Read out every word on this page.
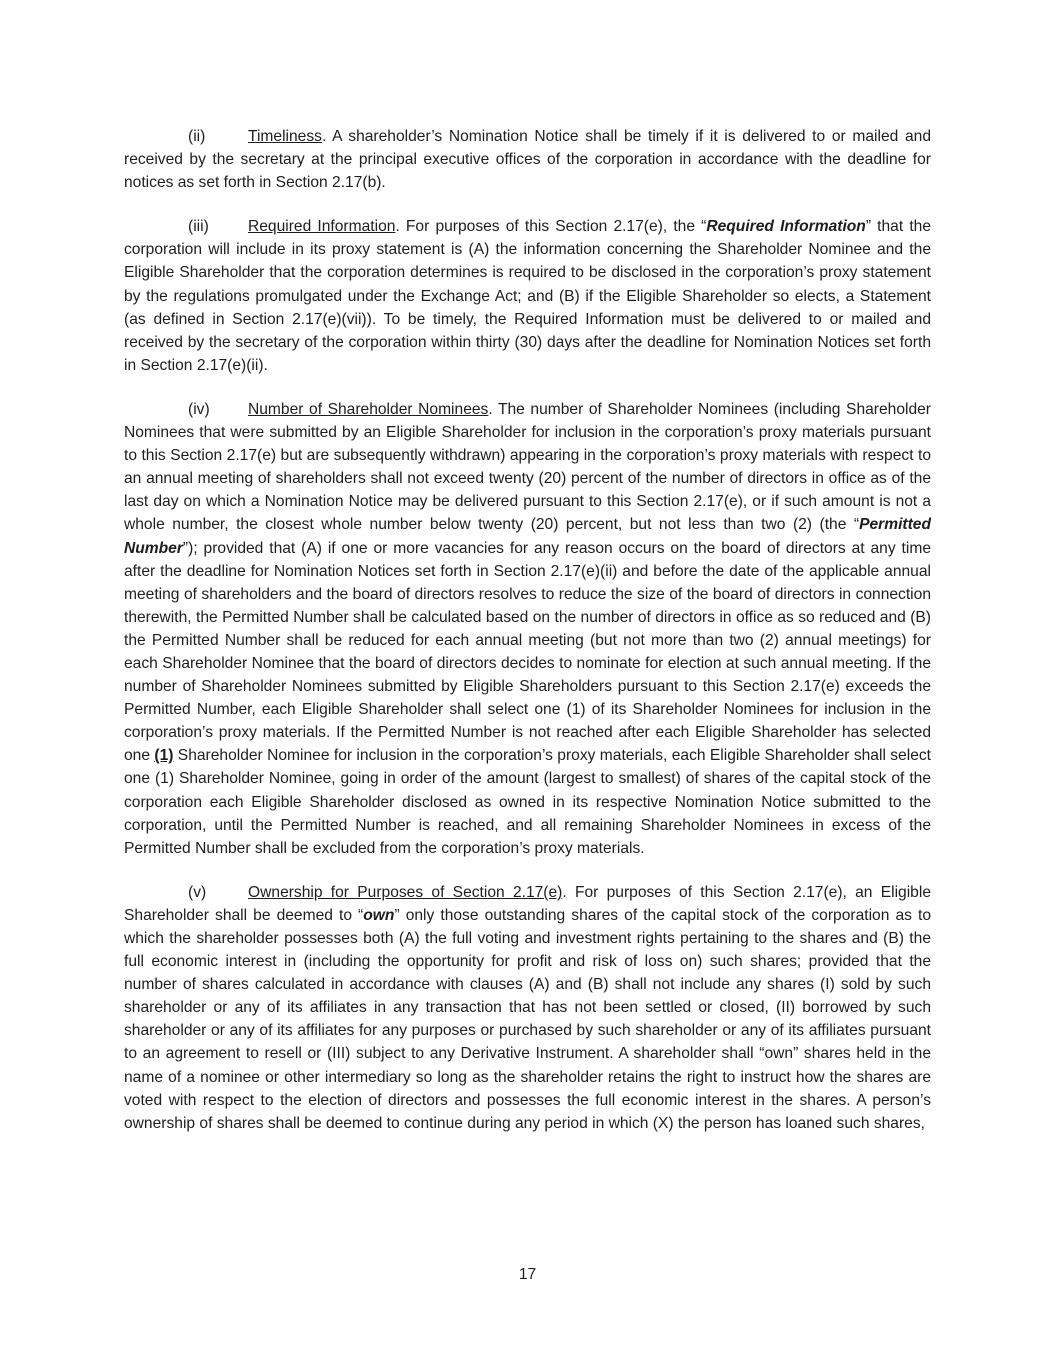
(ii)	Timeliness. A shareholder’s Nomination Notice shall be timely if it is delivered to or mailed and received by the secretary at the principal executive offices of the corporation in accordance with the deadline for notices as set forth in Section 2.17(b).

(iii)	Required Information. For purposes of this Section 2.17(e), the “Required Information” that the corporation will include in its proxy statement is (A) the information concerning the Shareholder Nominee and the Eligible Shareholder that the corporation determines is required to be disclosed in the corporation’s proxy statement by the regulations promulgated under the Exchange Act; and (B) if the Eligible Shareholder so elects, a Statement (as defined in Section 2.17(e)(vii)). To be timely, the Required Information must be delivered to or mailed and received by the secretary of the corporation within thirty (30) days after the deadline for Nomination Notices set forth in Section 2.17(e)(ii).

(iv) Number of Shareholder Nominees. The number of Shareholder Nominees (including Shareholder Nominees that were submitted by an Eligible Shareholder for inclusion in the corporation’s proxy materials pursuant to this Section 2.17(e) but are subsequently withdrawn) appearing in the corporation’s proxy materials with respect to an annual meeting of shareholders shall not exceed twenty (20) percent of the number of directors in office as of the last day on which a Nomination Notice may be delivered pursuant to this Section 2.17(e), or if such amount is not a whole number, the closest whole number below twenty (20) percent, but not less than two (2) (the “Permitted Number”); provided that (A) if one or more vacancies for any reason occurs on the board of directors at any time after the deadline for Nomination Notices set forth in Section 2.17(e)(ii) and before the date of the applicable annual meeting of shareholders and the board of directors resolves to reduce the size of the board of directors in connection therewith, the Permitted Number shall be calculated based on the number of directors in office as so reduced and (B) the Permitted Number shall be reduced for each annual meeting (but not more than two (2) annual meetings) for each Shareholder Nominee that the board of directors decides to nominate for election at such annual meeting. If the number of Shareholder Nominees submitted by Eligible Shareholders pursuant to this Section 2.17(e) exceeds the Permitted Number, each Eligible Shareholder shall select one (1) of its Shareholder Nominees for inclusion in the corporation’s proxy materials. If the Permitted Number is not reached after each Eligible Shareholder has selected one (1) Shareholder Nominee for inclusion in the corporation’s proxy materials, each Eligible Shareholder shall select one (1) Shareholder Nominee, going in order of the amount (largest to smallest) of shares of the capital stock of the corporation each Eligible Shareholder disclosed as owned in its respective Nomination Notice submitted to the corporation, until the Permitted Number is reached, and all remaining Shareholder Nominees in excess of the Permitted Number shall be excluded from the corporation’s proxy materials.

(v)	Ownership for Purposes of Section 2.17(e). For purposes of this Section 2.17(e), an Eligible Shareholder shall be deemed to “own” only those outstanding shares of the capital stock of the corporation as to which the shareholder possesses both (A) the full voting and investment rights pertaining to the shares and (B) the full economic interest in (including the opportunity for profit and risk of loss on) such shares; provided that the number of shares calculated in accordance with clauses (A) and (B) shall not include any shares (I) sold by such shareholder or any of its affiliates in any transaction that has not been settled or closed, (II) borrowed by such shareholder or any of its affiliates for any purposes or purchased by such shareholder or any of its affiliates pursuant to an agreement to resell or (III) subject to any Derivative Instrument. A shareholder shall “own” shares held in the name of a nominee or other intermediary so long as the shareholder retains the right to instruct how the shares are voted with respect to the election of directors and possesses the full economic interest in the shares. A person’s ownership of shares shall be deemed to continue during any period in which (X) the person has loaned such shares,

17
